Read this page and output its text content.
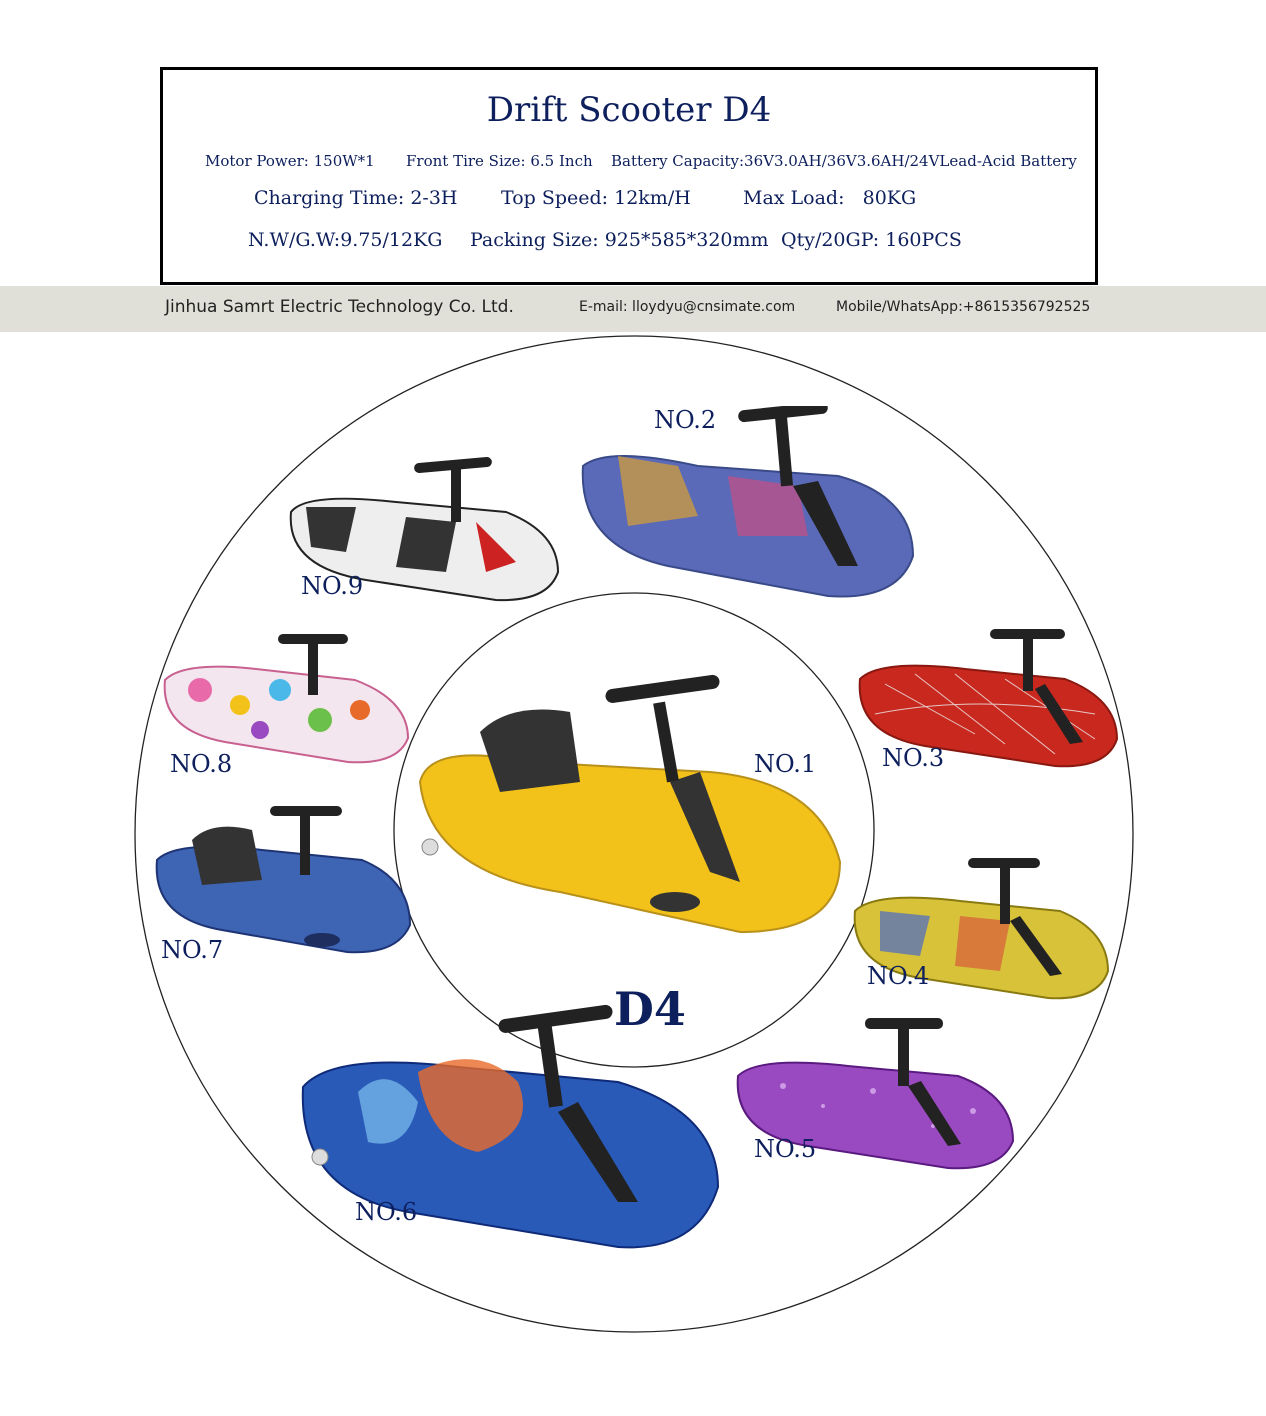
Drift Scooter D4
Motor Power: 150W*1 Front Tire Size: 6.5 Inch Battery Capacity:36V3.0AH/36V3.6AH/24VLead-Acid Battery
Charging Time: 2-3H Top Speed: 12km/H	Max Load:   80KG
N.W/G.W:9.75/12KG Packing Size: 925*585*320mm Qty/20GP: 160PCS
Jinhua Samrt Electric Technology Co. Ltd.	E-mail: lloydyu@cnsimate.com	Mobile/WhatsApp:+8615356792525
NO.2
NO.9
NO.3
NO.1
NO.8
NO.7
NO.4
D4
NO.5
NO.6
